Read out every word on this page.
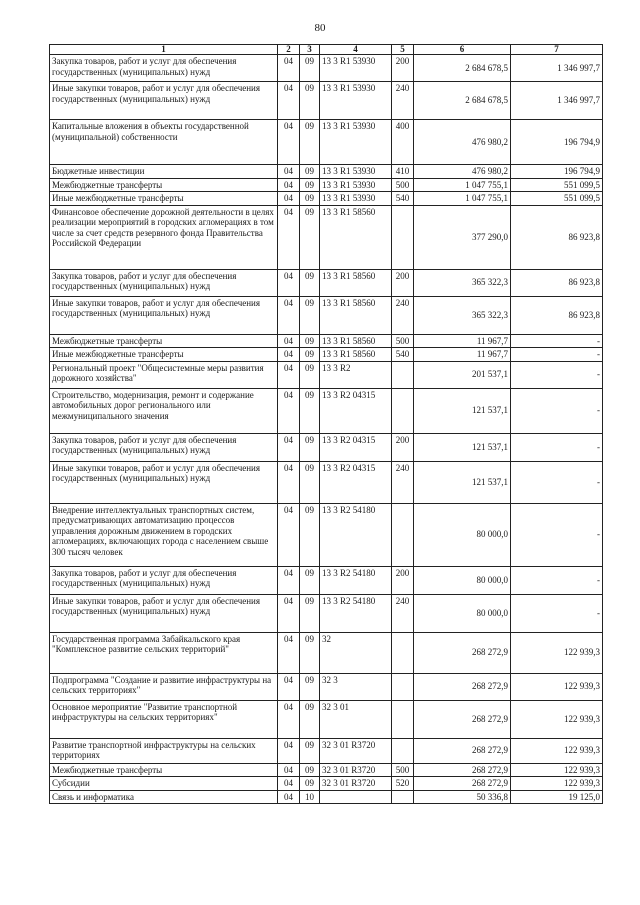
80
1	2	3	4	5	6	7

Закупка товаров, работ и услуг для обеспечения государственных (муниципальных) нужд	04	09	13 3 R1 53930	200	2 684 678,5	1 346 997,7

Иные закупки товаров, работ и услуг для обеспечения государственных (муниципальных) нужд	04	09	13 3 R1 53930	240	2 684 678,5	1 346 997,7

Капитальные вложения в объекты государственной (муниципальной) собственности	04	09	13 3 R1 53930	400	476 980,2	196 794,9

Бюджетные инвестиции	04	09	13 3 R1 53930	410	476 980,2	196 794,9

Межбюджетные трансферты	04	09	13 3 R1 53930	500	1 047 755,1	551 099,5

Иные межбюджетные трансферты	04	09	13 3 R1 53930	540	1 047 755,1	551 099,5

Финансовое обеспечение дорожной деятельности в целях реализации мероприятий в городских агломерациях в том числе за счет средств резервного фонда Правительства Российской Федерации	04	09	13 3 R1 58560		377 290,0	86 923,8

Закупка товаров, работ и услуг для обеспечения государственных (муниципальных) нужд	04	09	13 3 R1 58560	200	365 322,3	86 923,8

Иные закупки товаров, работ и услуг для обеспечения государственных (муниципальных) нужд	04	09	13 3 R1 58560	240	365 322,3	86 923,8

Межбюджетные трансферты	04	09	13 3 R1 58560	500	11 967,7	-

Иные межбюджетные трансферты	04	09	13 3 R1 58560	540	11 967,7	-

Региональный проект "Общесистемные меры развития дорожного хозяйства"	04	09	13 3 R2		201 537,1	-

Строительство, модернизация, ремонт и содержание автомобильных дорог регионального или межмуниципального значения	04	09	13 3 R2 04315		121 537,1	-

Закупка товаров, работ и услуг для обеспечения государственных (муниципальных) нужд	04	09	13 3 R2 04315	200	121 537,1	-

Иные закупки товаров, работ и услуг для обеспечения государственных (муниципальных) нужд	04	09	13 3 R2 04315	240	121 537,1	-

Внедрение интеллектуальных транспортных систем, предусматривающих автоматизацию процессов управления дорожным движением в городских агломерациях, включающих города с населением свыше 300 тысяч человек	04	09	13 3 R2 54180		80 000,0	-

Закупка товаров, работ и услуг для обеспечения государственных (муниципальных) нужд	04	09	13 3 R2 54180	200	80 000,0	-

Иные закупки товаров, работ и услуг для обеспечения государственных (муниципальных) нужд	04	09	13 3 R2 54180	240	80 000,0	-

Государственная программа Забайкальского края "Комплексное развитие сельских территорий"	04	09	32		268 272,9	122 939,3

Подпрограмма "Создание и развитие инфраструктуры на сельских территориях"	04	09	32 3		268 272,9	122 939,3

Основное мероприятие "Развитие транспортной инфраструктуры на сельских территориях"	04	09	32 3 01		268 272,9	122 939,3

Развитие транспортной инфраструктуры на сельских территориях	04	09	32 3 01 R3720		268 272,9	122 939,3

Межбюджетные трансферты	04	09	32 3 01 R3720	500	268 272,9	122 939,3

Субсидии	04	09	32 3 01 R3720	520	268 272,9	122 939,3

Связь и информатика	04	10			50 336,8	19 125,0
